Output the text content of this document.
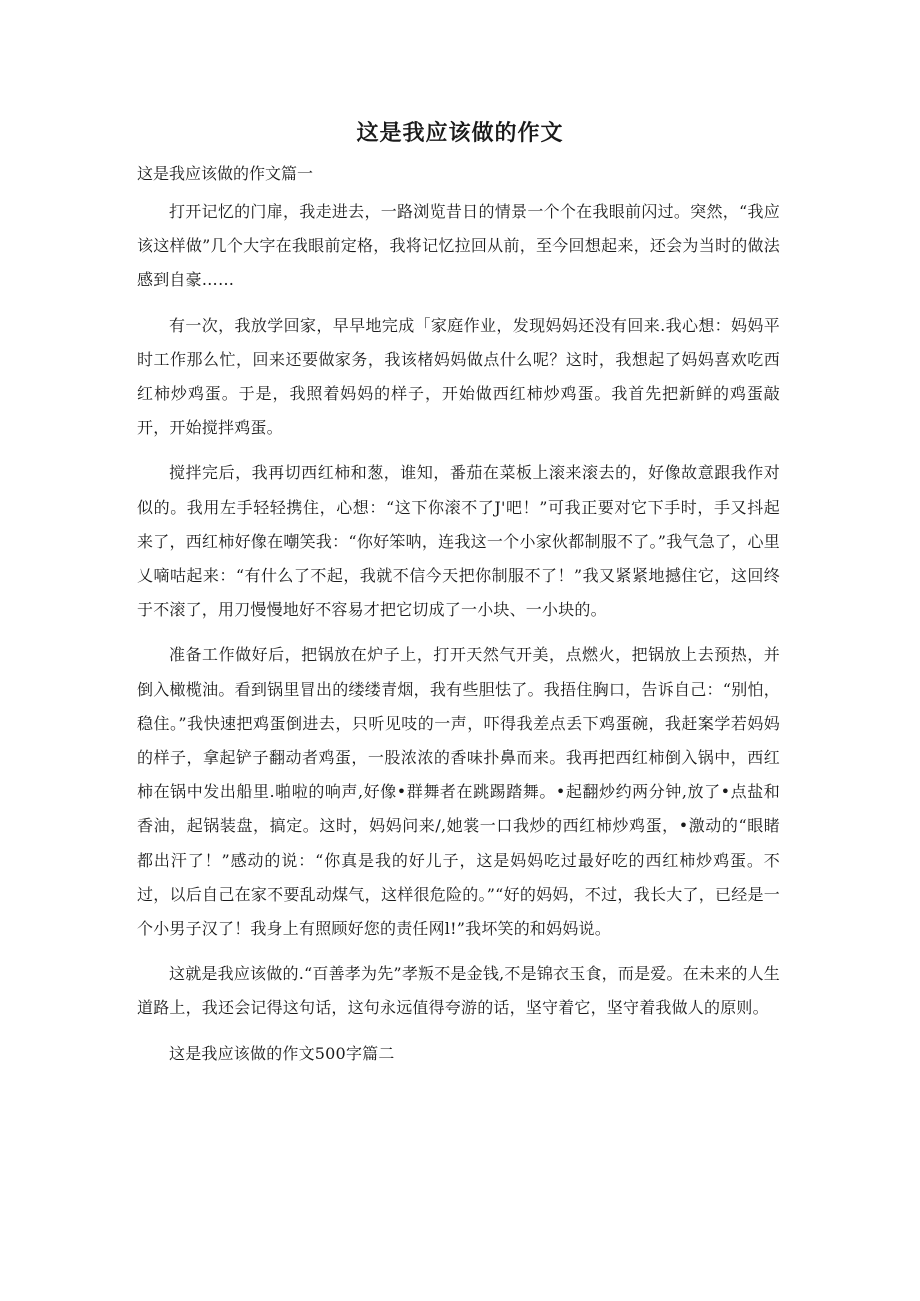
这是我应该做的作文

这是我应该做的作文篇一

打开记忆的门扉，我走进去，一路浏览昔日的情景一个个在我眼前闪过。突然，“我应该这样做”几个大字在我眼前定格，我将记忆拉回从前，至今回想起来，还会为当时的做法感到自豪……

有一次，我放学回家，早早地完成「家庭作业，发现妈妈还没有回来.我心想：妈妈平时工作那么忙，回来还要做家务，我该楮妈妈做点什么呢？这时，我想起了妈妈喜欢吃西红柿炒鸡蛋。于是，我照着妈妈的样子，开始做西红柿炒鸡蛋。我首先把新鲜的鸡蛋敲开，开始搅拌鸡蛋。

搅拌完后，我再切西红柿和葱，谁知，番茄在菜板上滚来滚去的，好像故意跟我作对似的。我用左手轻轻携住，心想：“这下你滚不了J'吧！”可我正要对它下手时，手又抖起来了，西红柿好像在嘲笑我：“你好笨呐，连我这一个小家伙都制服不了。”我气急了，心里乂嘀咕起来：“有什么了不起，我就不信今天把你制服不了！”我又紧紧地撼住它，这回终于不滚了，用刀慢慢地好不容易才把它切成了一小块、一小块的。

准备工作做好后，把锅放在炉子上，打开天然气开美，点燃火，把锅放上去预热，并倒入橄榄油。看到锅里冒出的缕缕青烟，我有些胆怯了。我捂住胸口，告诉自己：“别怕，稳住。”我快速把鸡蛋倒进去，只听见吱的一声，吓得我差点丢下鸡蛋碗，我赶案学若妈妈的样子，拿起铲子翻动者鸡蛋，一股浓浓的香味扑鼻而来。我再把西红柿倒入锅中，西红柿在锅中发出船里.啪啦的响声,好像•群舞者在跳踢踏舞。•起翻炒约两分钟,放了•点盐和香油，起锅装盘，搞定。这时，妈妈问来/,她裳一口我炒的西红柿炒鸡蛋，•激动的“眼睹都出汗了！”感动的说：“你真是我的好儿子，这是妈妈吃过最好吃的西红柿炒鸡蛋。不过，以后自己在家不要乱动煤气，这样很危险的。”“好的妈妈，不过，我长大了，已经是一个小男子汉了！我身上有照顾好您的责任网l!”我坏笑的和妈妈说。

这就是我应该做的.“百善孝为先”孝叛不是金钱,不是锦衣玉食，而是爱。在未来的人生道路上，我还会记得这句话，这句永远值得夸游的话，坚守着它，坚守着我做人的原则。

这是我应该做的作文500字篇二
